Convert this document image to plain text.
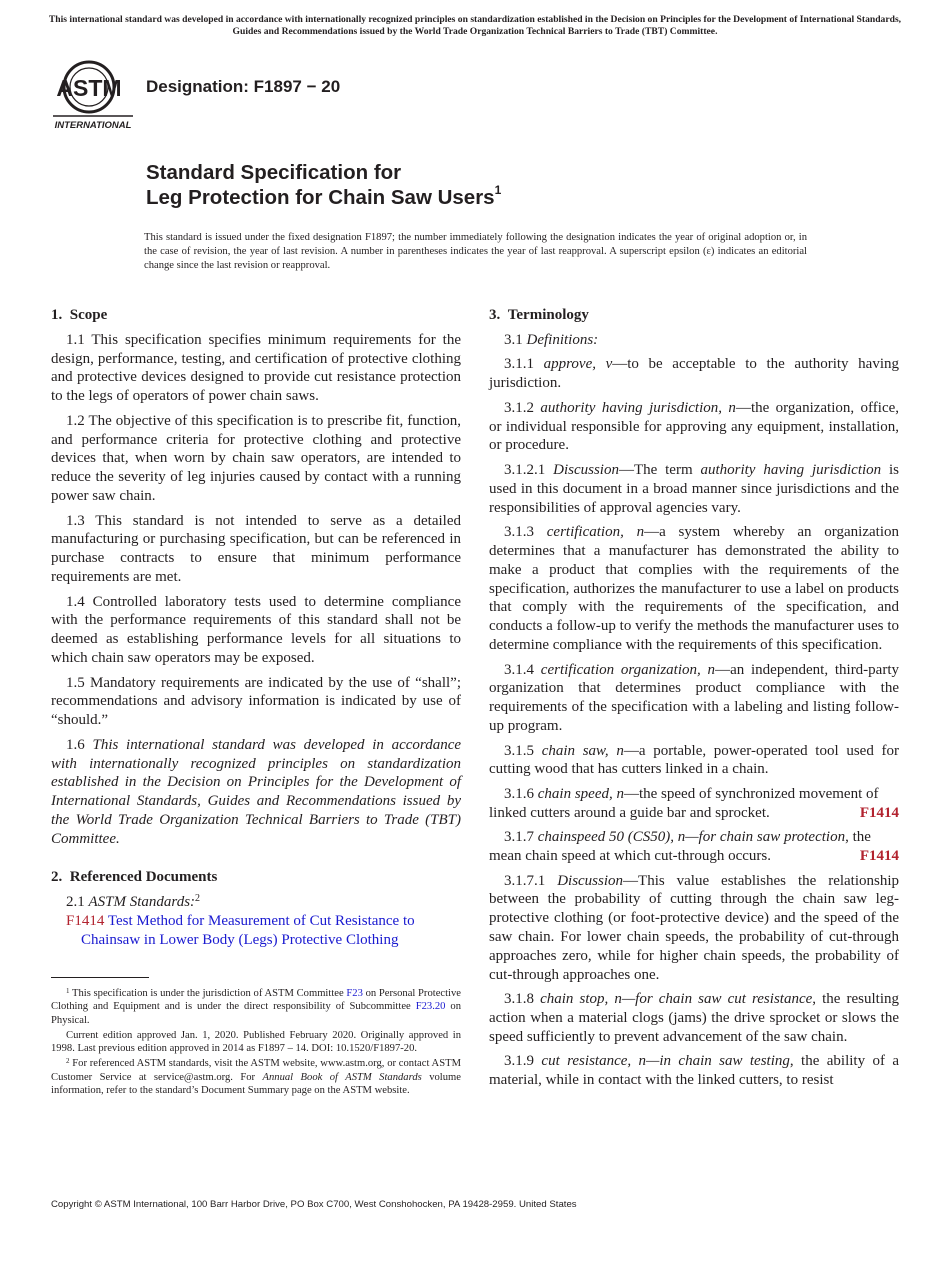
This international standard was developed in accordance with internationally recognized principles on standardization established in the Decision on Principles for the Development of International Standards, Guides and Recommendations issued by the World Trade Organization Technical Barriers to Trade (TBT) Committee.
ASTM
INTERNATIONAL
Designation: F1897 − 20
Standard Specification for
Leg Protection for Chain Saw Users$^1$
This standard is issued under the fixed designation F1897; the number immediately following the designation indicates the year of original adoption or, in the case of revision, the year of last revision. A number in parentheses indicates the year of last reapproval. A superscript epsilon (ε) indicates an editorial change since the last revision or reapproval.
1. Scope

1.1 This specification specifies minimum requirements for the design, performance, testing, and certification of protective clothing and protective devices designed to provide cut resistance protection to the legs of operators of power chain saws.

1.2 The objective of this specification is to prescribe fit, function, and performance criteria for protective clothing and protective devices that, when worn by chain saw operators, are intended to reduce the severity of leg injuries caused by contact with a running power saw chain.

1.3 This standard is not intended to serve as a detailed manufacturing or purchasing specification, but can be referenced in purchase contracts to ensure that minimum performance requirements are met.

1.4 Controlled laboratory tests used to determine compliance with the performance requirements of this standard shall not be deemed as establishing performance levels for all situations to which chain saw operators may be exposed.

1.5 Mandatory requirements are indicated by the use of “shall”; recommendations and advisory information is indicated by use of “should.”

1.6 This international standard was developed in accordance with internationally recognized principles on standardization established in the Decision on Principles for the Development of International Standards, Guides and Recommendations issued by the World Trade Organization Technical Barriers to Trade (TBT) Committee.

2. Referenced Documents

2.1 ASTM Standards:$^2$

F1414 Test Method for Measurement of Cut Resistance to Chainsaw in Lower Body (Legs) Protective Clothing

3. Terminology

3.1 Definitions:

3.1.1 approve, v—to be acceptable to the authority having jurisdiction.

3.1.2 authority having jurisdiction, n—the organization, office, or individual responsible for approving any equipment, installation, or procedure.

3.1.2.1 Discussion—The term authority having jurisdiction is used in this document in a broad manner since jurisdictions and the responsibilities of approval agencies vary.

3.1.3 certification, n—a system whereby an organization determines that a manufacturer has demonstrated the ability to make a product that complies with the requirements of the specification, authorizes the manufacturer to use a label on products that comply with the requirements of the specification, and conducts a follow-up to verify the methods the manufacturer uses to determine compliance with the requirements of this specification.

3.1.4 certification organization, n—an independent, third-party organization that determines product compliance with the requirements of the specification with a labeling and listing follow-up program.

3.1.5 chain saw, n—a portable, power-operated tool used for cutting wood that has cutters linked in a chain.

3.1.6 chain speed, n—the speed of synchronized movement of linked cutters around a guide bar and sprocket.	F1414

3.1.7 chainspeed 50 (CS50), n—for chain saw protection, the mean chain speed at which cut-through occurs.	F1414

3.1.7.1 Discussion—This value establishes the relationship between the probability of cutting through the chain saw leg-protective clothing (or foot-protective device) and the speed of the saw chain. For lower chain speeds, the probability of cut-through approaches zero, while for higher chain speeds, the probability of cut-through approaches one.

3.1.8 chain stop, n—for chain saw cut resistance, the resulting action when a material clogs (jams) the drive sprocket or slows the speed sufficiently to prevent advancement of the saw chain.

3.1.9 cut resistance, n—in chain saw testing, the ability of a material, while in contact with the linked cutters, to resist

$^1$ This specification is under the jurisdiction of ASTM Committee F23 on Personal Protective Clothing and Equipment and is under the direct responsibility of Subcommittee F23.20 on Physical.

Current edition approved Jan. 1, 2020. Published February 2020. Originally approved in 1998. Last previous edition approved in 2014 as F1897 – 14. DOI: 10.1520/F1897-20.

$^2$ For referenced ASTM standards, visit the ASTM website, www.astm.org, or contact ASTM Customer Service at service@astm.org. For Annual Book of ASTM Standards volume information, refer to the standard’s Document Summary page on the ASTM website.

Copyright © ASTM International, 100 Barr Harbor Drive, PO Box C700, West Conshohocken, PA 19428-2959. United States
